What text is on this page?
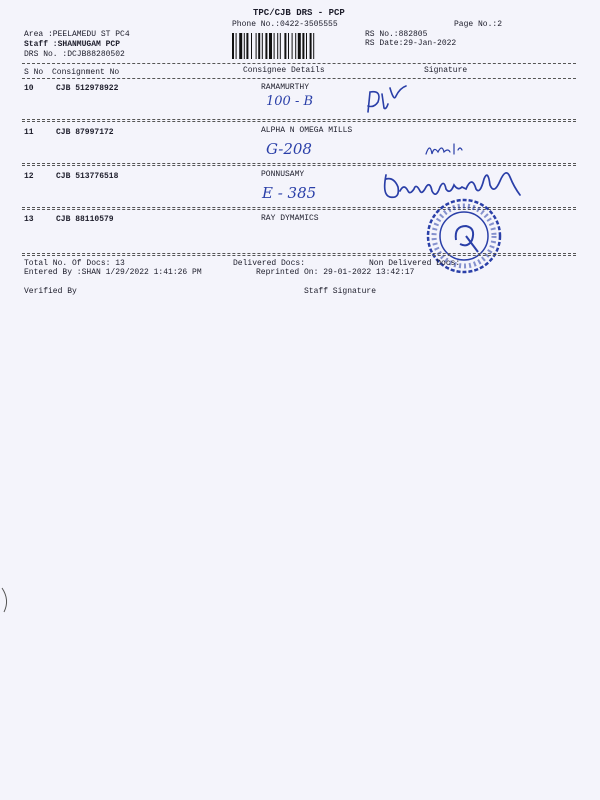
TPC/CJB DRS - PCP
Phone No.:0422-3505555	Page No.:2
Area :PEELAMEDU ST PC4
Staff :SHANMUGAM PCP
DRS No. :DCJB88280502
RS No.:882805
RS Date:29-Jan-2022
S No Consignment No	Consignee Details	Signature
10	CJB 512978922	RAMAMURTHY
100 - B
11	CJB 87997172	ALPHA N OMEGA MILLS
G-208
12	CJB 513776518	PONNUSAMY
E - 385
13	CJB 88110579	RAY DYMAMICS
Total No. Of Docs: 13	Delivered Docs:	Non Delivered Docs:
Entered By :SHAN 1/29/2022 1:41:26 PM	Reprinted On: 29-01-2022 13:42:17
Verified By	Staff Signature
